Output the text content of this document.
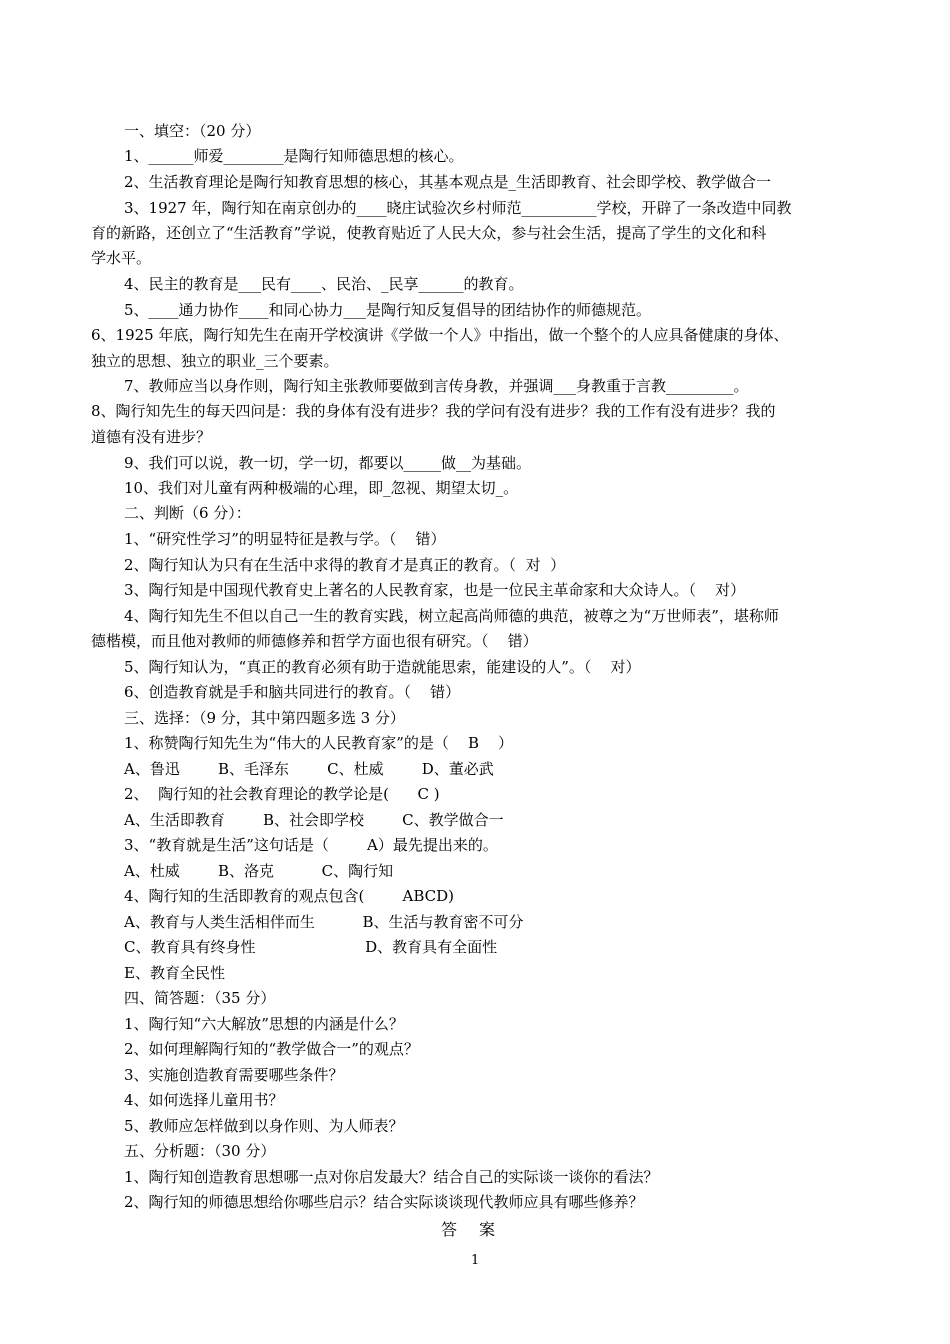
一、填空：（20 分）
1、______师爱________是陶行知师德思想的核心。
2、生活教育理论是陶行知教育思想的核心，其基本观点是_生活即教育、社会即学校、教学做合一
3、1927 年，陶行知在南京创办的____晓庄试验次乡村师范__________学校，开辟了一条改造中同教
育的新路，还创立了“生活教育”学说，使教育贴近了人民大众，参与社会生活，提高了学生的文化和科
学水平。
4、民主的教育是___民有____、民治、_民享______的教育。
5、____通力协作____和同心协力___是陶行知反复倡导的团结协作的师德规范。
6、1925 年底，陶行知先生在南开学校演讲《学做一个人》中指出，做一个整个的人应具备健康的身体、
独立的思想、独立的职业_三个要素。
7、教师应当以身作则，陶行知主张教师要做到言传身教，并强调___身教重于言教_________。
8、陶行知先生的每天四问是：我的身体有没有进步？我的学问有没有进步？我的工作有没有进步？我的
道德有没有进步？
9、我们可以说，教一切，学一切，都要以_____做__为基础。
10、我们对儿童有两种极端的心理，即_忽视、期望太切_。
二、判断（6 分）：
1、“研究性学习”的明显特征是教与学。（    错）
2、陶行知认为只有在生活中求得的教育才是真正的教育。（  对  ）
3、陶行知是中国现代教育史上著名的人民教育家，也是一位民主革命家和大众诗人。（    对）
4、陶行知先生不但以自己一生的教育实践，树立起高尚师德的典范，被尊之为“万世师表”，堪称师
德楷模，而且他对教师的师德修养和哲学方面也很有研究。（    错）
5、陶行知认为，“真正的教育必须有助于造就能思索，能建设的人”。（    对）
6、创造教育就是手和脑共同进行的教育。（    错）
三、选择：（9 分，其中第四题多选 3 分）
1、称赞陶行知先生为“伟大的人民教育家”的是（    B    ）
A、鲁迅        B、毛泽东        C、杜威        D、董必武
2、  陶行知的社会教育理论的教学论是(      C )
A、生活即教育        B、社会即学校        C、教学做合一
3、“教育就是生活”这句话是（        A）最先提出来的。
A、杜威        B、洛克          C、陶行知
4、陶行知的生活即教育的观点包含(        ABCD)
A、教育与人类生活相伴而生          B、生活与教育密不可分
C、教育具有终身性                       D、教育具有全面性
E、教育全民性
四、简答题：（35 分）
1、陶行知“六大解放”思想的内涵是什么？
2、如何理解陶行知的“教学做合一”的观点？
3、实施创造教育需要哪些条件？
4、如何选择儿童用书？
5、教师应怎样做到以身作则、为人师表？
五、分析题：（30 分）
1、陶行知创造教育思想哪一点对你启发最大？结合自己的实际谈一谈你的看法？
2、陶行知的师德思想给你哪些启示？结合实际谈谈现代教师应具有哪些修养？
答案
1
